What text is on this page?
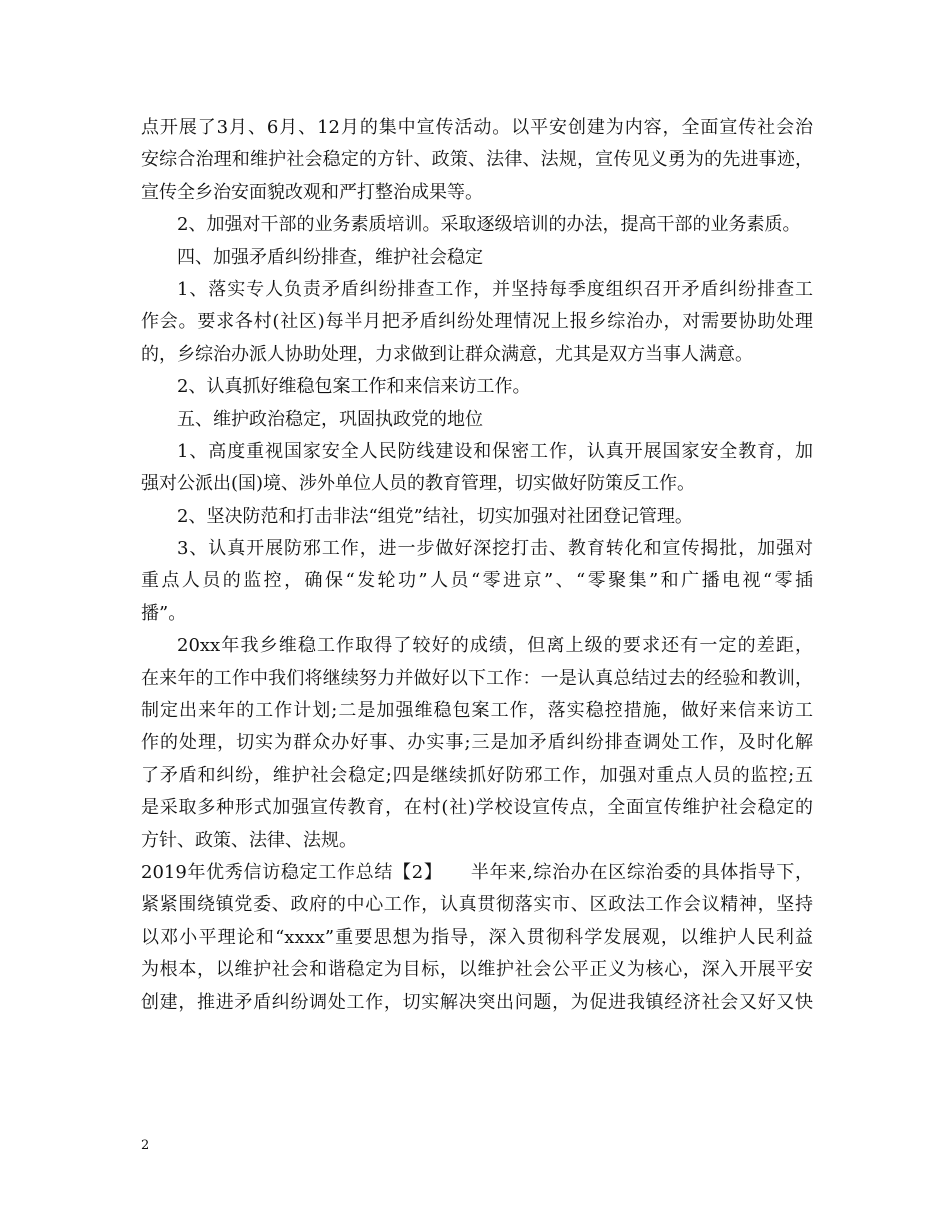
点开展了3月、6月、12月的集中宣传活动。以平安创建为内容，全面宣传社会治
安综合治理和维护社会稳定的方针、政策、法律、法规，宣传见义勇为的先进事迹，
宣传全乡治安面貌改观和严打整治成果等。
2、加强对干部的业务素质培训。采取逐级培训的办法，提高干部的业务素质。
四、加强矛盾纠纷排查，维护社会稳定
1、落实专人负责矛盾纠纷排查工作，并坚持每季度组织召开矛盾纠纷排查工
作会。要求各村(社区)每半月把矛盾纠纷处理情况上报乡综治办，对需要协助处理
的，乡综治办派人协助处理，力求做到让群众满意，尤其是双方当事人满意。
2、认真抓好维稳包案工作和来信来访工作。
五、维护政治稳定，巩固执政党的地位
1、高度重视国家安全人民防线建设和保密工作，认真开展国家安全教育，加
强对公派出(国)境、涉外单位人员的教育管理，切实做好防策反工作。
2、坚决防范和打击非法“组党”结社，切实加强对社团登记管理。
3、认真开展防邪工作，进一步做好深挖打击、教育转化和宣传揭批，加强对
重点人员的监控，确保“发轮功”人员“零进京”、“零聚集”和广播电视“零插
播”。
20xx年我乡维稳工作取得了较好的成绩，但离上级的要求还有一定的差距，
在来年的工作中我们将继续努力并做好以下工作：一是认真总结过去的经验和教训，
制定出来年的工作计划;二是加强维稳包案工作，落实稳控措施，做好来信来访工
作的处理，切实为群众办好事、办实事;三是加矛盾纠纷排查调处工作，及时化解
了矛盾和纠纷，维护社会稳定;四是继续抓好防邪工作，加强对重点人员的监控;五
是采取多种形式加强宣传教育，在村(社)学校设宣传点，全面宣传维护社会稳定的
方针、政策、法律、法规。
2019年优秀信访稳定工作总结【2】　　半年来,综治办在区综治委的具体指导下，
紧紧围绕镇党委、政府的中心工作，认真贯彻落实市、区政法工作会议精神，坚持
以邓小平理论和“xxxx”重要思想为指导，深入贯彻科学发展观，以维护人民利益
为根本，以维护社会和谐稳定为目标，以维护社会公平正义为核心，深入开展平安
创建，推进矛盾纠纷调处工作，切实解决突出问题，为促进我镇经济社会又好又快
2
